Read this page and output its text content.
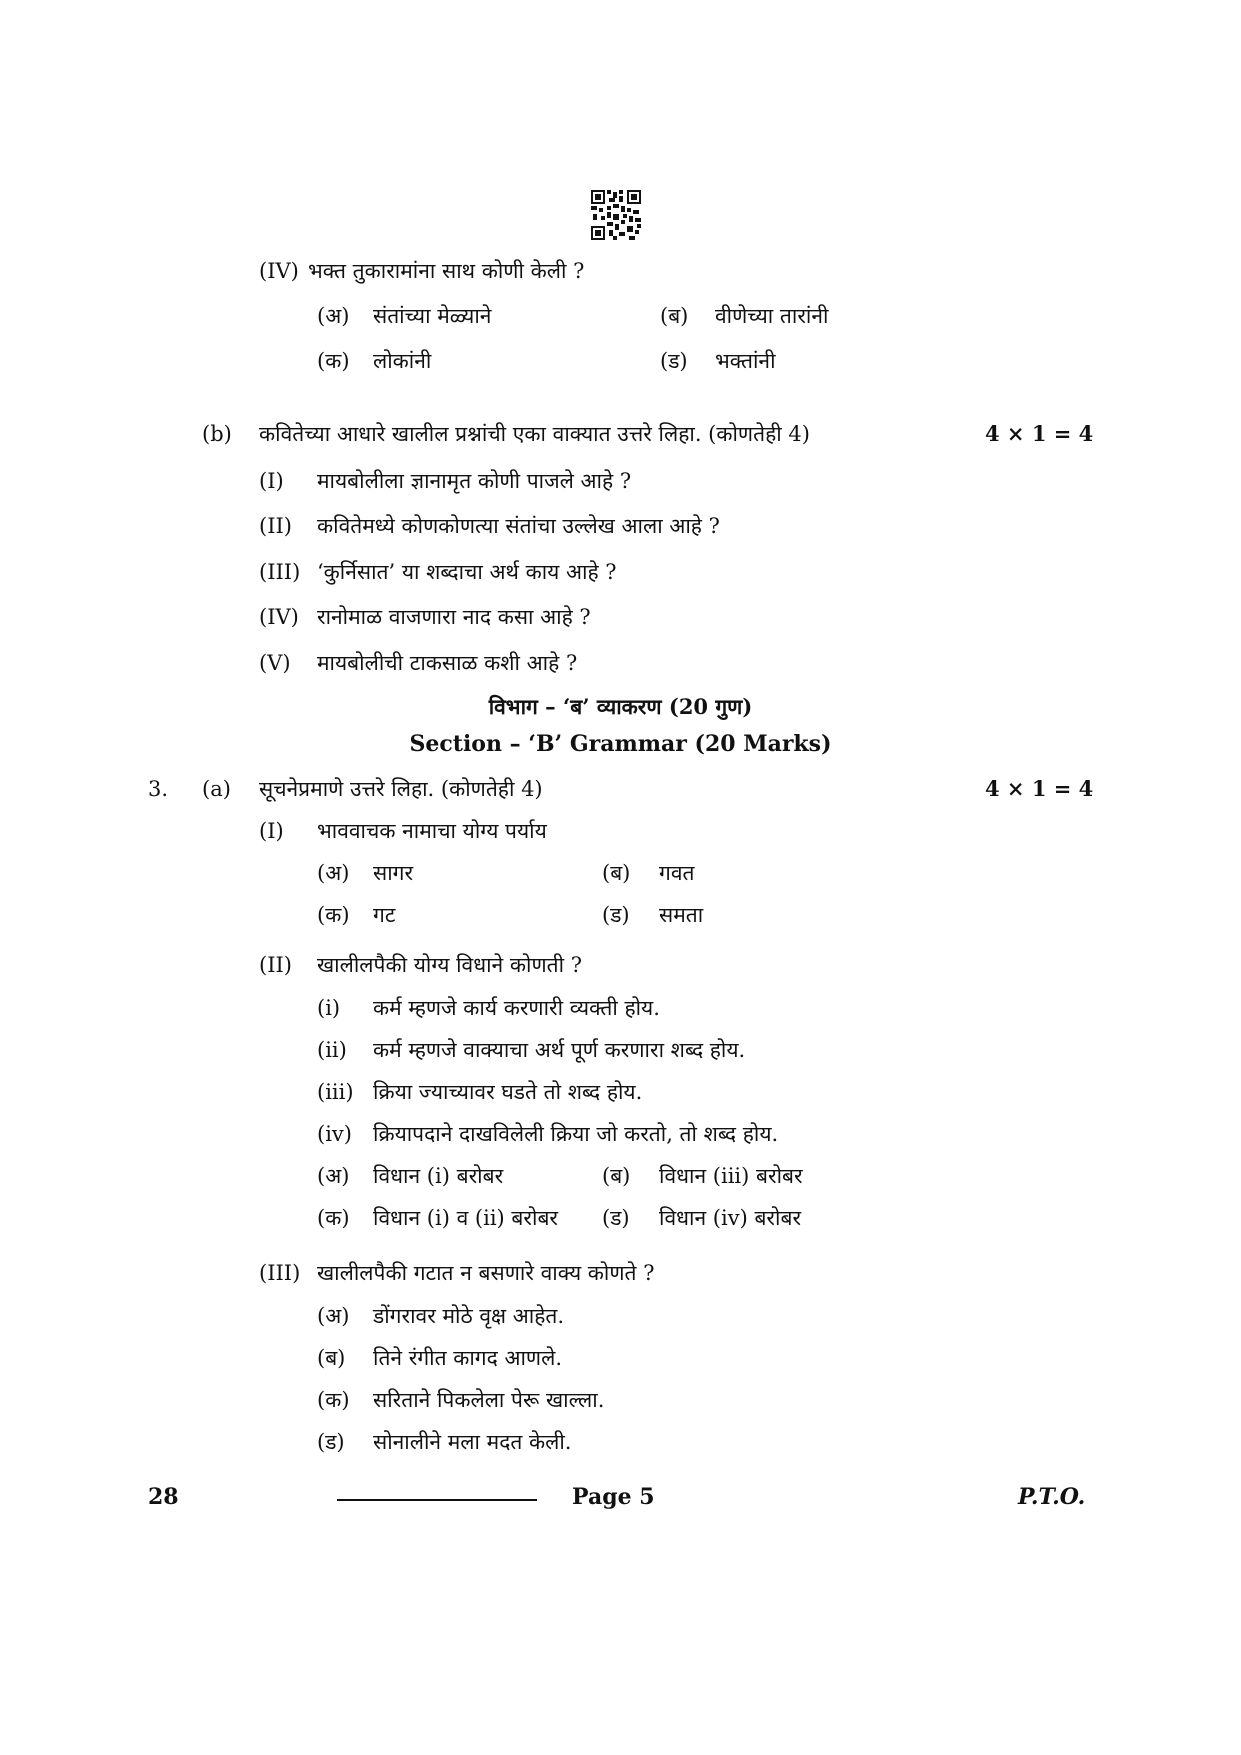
(IV) भक्त तुकारामांना साथ कोणी केली ?
(अ) संतांच्या मेळ्याने	(ब) वीणेच्या तारांनी
(क) लोकांनी	(ड) भक्तांनी
(b) कवितेच्या आधारे खालील प्रश्नांची एका वाक्यात उत्तरे लिहा. (कोणतेही 4)	4 × 1 = 4
(I) मायबोलीला ज्ञानामृत कोणी पाजले आहे ?
(II) कवितेमध्ये कोणकोणत्या संतांचा उल्लेख आला आहे ?
(III) ‘कुर्निसात’ या शब्दाचा अर्थ काय आहे ?
(IV) रानोमाळ वाजणारा नाद कसा आहे ?
(V) मायबोलीची टाकसाळ कशी आहे ?
विभाग – ‘ब’ व्याकरण (20 गुण)
Section – ‘B’ Grammar (20 Marks)
3. (a) सूचनेप्रमाणे उत्तरे लिहा. (कोणतेही 4)	4 × 1 = 4
(I) भाववाचक नामाचा योग्य पर्याय
(अ) सागर	(ब) गवत
(क) गट	(ड) समता
(II) खालीलपैकी योग्य विधाने कोणती ?
(i) कर्म म्हणजे कार्य करणारी व्यक्ती होय.
(ii) कर्म म्हणजे वाक्याचा अर्थ पूर्ण करणारा शब्द होय.
(iii) क्रिया ज्याच्यावर घडते तो शब्द होय.
(iv) क्रियापदाने दाखविलेली क्रिया जो करतो, तो शब्द होय.
(अ) विधान (i) बरोबर	(ब) विधान (iii) बरोबर
(क) विधान (i) व (ii) बरोबर (ड) विधान (iv) बरोबर
(III) खालीलपैकी गटात न बसणारे वाक्य कोणते ?
(अ) डोंगरावर मोठे वृक्ष आहेत.
(ब) तिने रंगीत कागद आणले.
(क) सरिताने पिकलेला पेरू खाल्ला.
(ड) सोनालीने मला मदत केली.
28	Page 5	P.T.O.
